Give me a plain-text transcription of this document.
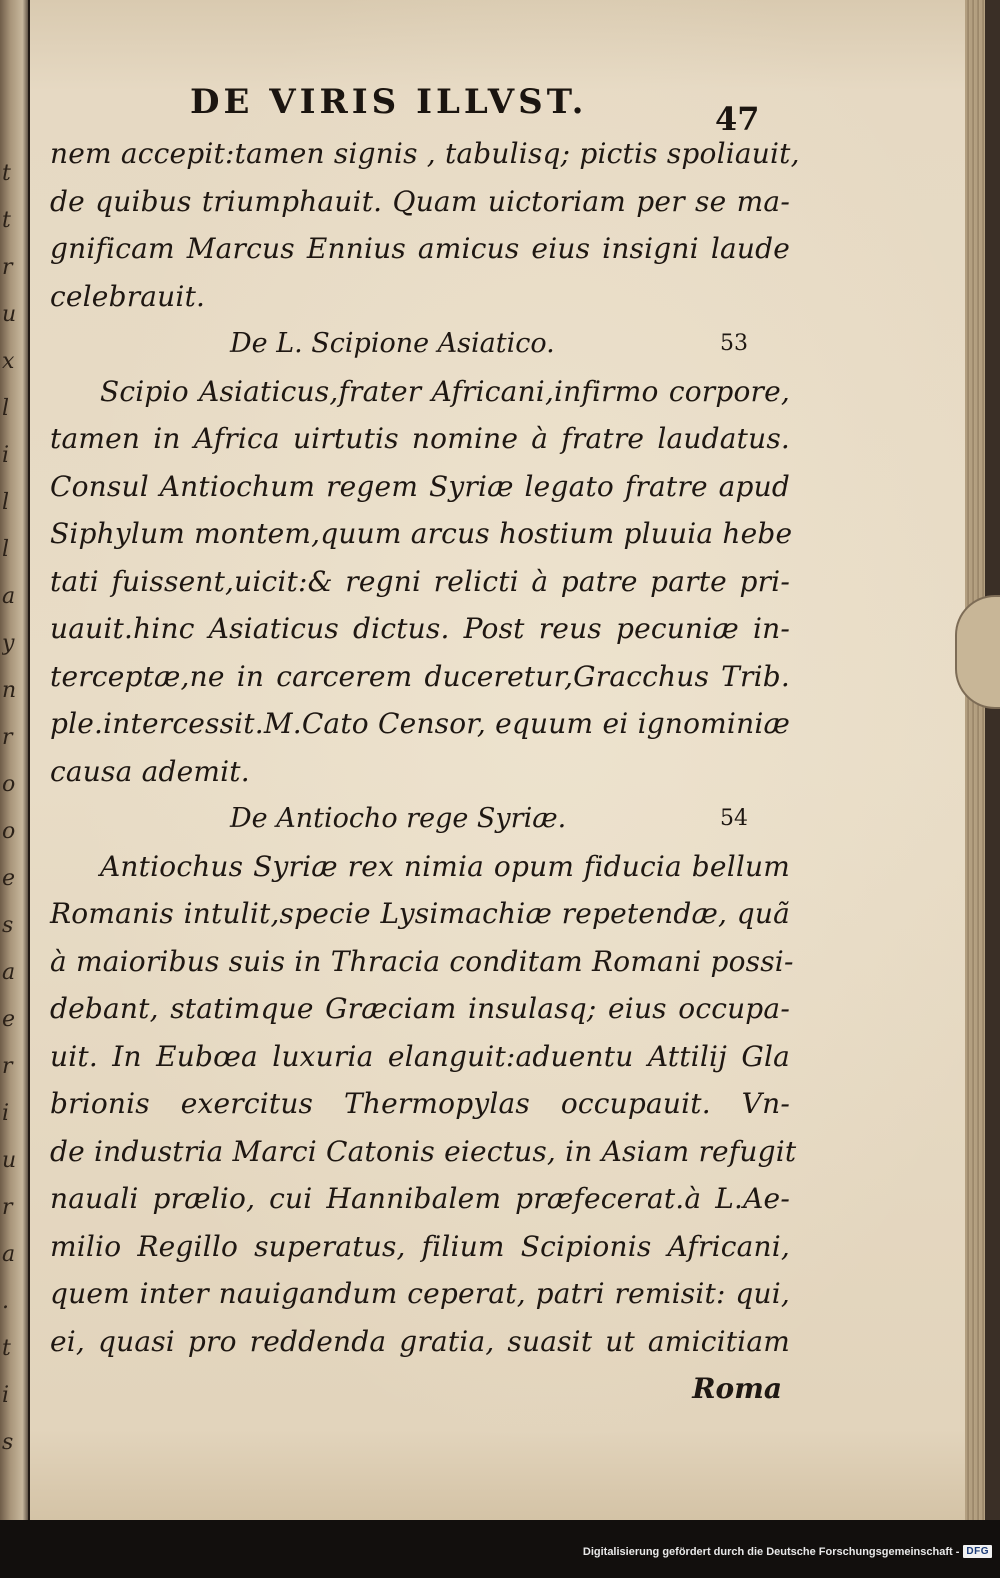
t
t
r
u
x
l
i
l
l
a
y
n
r
o
o
e
s
a
e
r
i
u
r
a
.
t
i
s

DE VIRIS ILLVST.	47
nem accepit:tamen signis , tabulisq; pictis spoliauit,
de quibus triumphauit. Quam uictoriam per se ma-
gnificam Marcus Ennius amicus eius insigni laude
celebrauit.
De L. Scipione Asiatico.	53
Scipio Asiaticus,frater Africani,infirmo corpore,
tamen in Africa uirtutis nomine à fratre laudatus.
Consul Antiochum regem Syriæ legato fratre apud
Siphylum montem,quum arcus hostium pluuia hebe
tati fuissent,uicit:& regni relicti à patre parte pri-
uauit.hinc Asiaticus dictus. Post reus pecuniæ in-
terceptæ,ne in carcerem duceretur,Gracchus Trib.
ple.intercessit.M.Cato Censor, equum ei ignominiæ
causa ademit.
De Antiocho rege Syriæ.	54
Antiochus Syriæ rex nimia opum fiducia bellum
Romanis intulit,specie Lysimachiæ repetendæ, quã
à maioribus suis in Thracia conditam Romani possi-
debant, statimque Græciam insulasq; eius occupa-
uit. In Eubœa luxuria elanguit:aduentu Attilij Gla
brionis exercitus Thermopylas occupauit. Vn-
de industria Marci Catonis eiectus, in Asiam refugit
nauali prælio, cui Hannibalem præfecerat.à L.Ae-
milio Regillo superatus, filium Scipionis Africani,
quem inter nauigandum ceperat, patri remisit: qui,
ei, quasi pro reddenda gratia, suasit ut amicitiam
Roma
Digitalisierung gefördert durch die Deutsche Forschungsgemeinschaft - DFG
